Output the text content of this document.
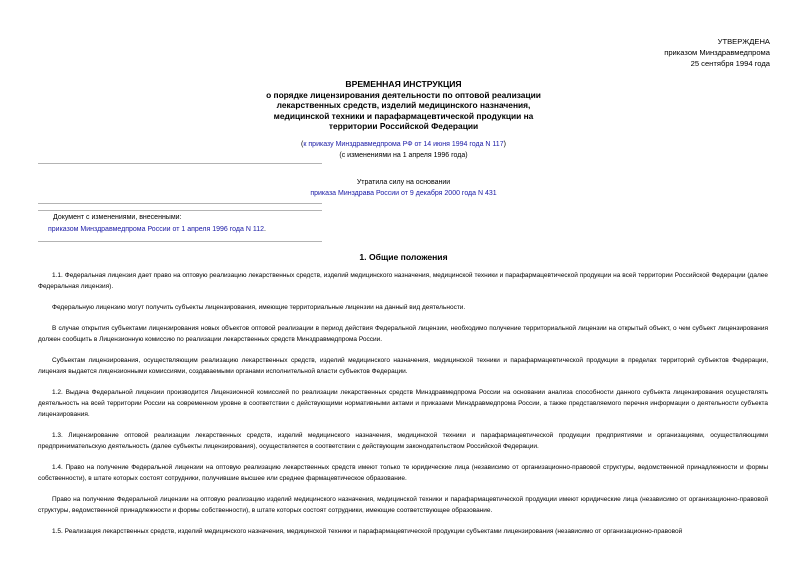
УТВЕРЖДЕНА
приказом Минздравмедпрома
25 сентября 1994 года
ВРЕМЕННАЯ ИНСТРУКЦИЯ
о порядке лицензирования деятельности по оптовой реализации
лекарственных средств, изделий медицинского назначения,
медицинской техники и парафармацевтической продукции на
территории Российской Федерации
(к приказу Минздравмедпрома РФ от 14 июня 1994 года N 117)
(с изменениями на 1 апреля 1996 года)
Утратила силу на основании
приказа Минздрава России от 9 декабря 2000 года N 431
Документ с изменениями, внесенными:
приказом Минздравмедпрома России от 1 апреля 1996 года N 112.
1. Общие положения

1.1. Федеральная лицензия дает право на оптовую реализацию лекарственных средств, изделий медицинского назначения, медицинской техники и парафармацевтической продукции на всей территории Российской Федерации (далее Федеральная лицензия).

Федеральную лицензию могут получить субъекты лицензирования, имеющие территориальные лицензии на данный вид деятельности.

В случае открытия субъектами лицензирования новых объектов оптовой реализации в период действия Федеральной лицензии, необходимо получение территориальной лицензии на открытый объект, о чем субъект лицензирования должен сообщить в Лицензионную комиссию по реализации лекарственных средств Минздравмедпрома России.

Субъектам лицензирования, осуществляющим реализацию лекарственных средств, изделий медицинского назначения, медицинской техники и парафармацевтической продукции в пределах территорий субъектов Федерации, лицензия выдается лицензионными комиссиями, создаваемыми органами исполнительной власти субъектов Федерации.

1.2. Выдача Федеральной лицензии производится Лицензионной комиссией по реализации лекарственных средств Минздравмедпрома России на основании анализа способности данного субъекта лицензирования осуществлять деятельность на всей территории России на современном уровне в соответствии с действующими нормативными актами и приказами Минздравмедпрома России, а также представляемого перечня информации о деятельности субъекта лицензирования.

1.3. Лицензирование оптовой реализации лекарственных средств, изделий медицинского назначения, медицинской техники и парафармацевтической продукции предприятиями и организациями, осуществляющими предпринимательскую деятельность (далее субъекты лицензирования), осуществляется в соответствии с действующим законодательством Российской Федерации.

1.4. Право на получение Федеральной лицензии на оптовую реализацию лекарственных средств имеют только те юридические лица (независимо от организационно-правовой структуры, ведомственной принадлежности и формы собственности), в штате которых состоят сотрудники, получившие высшее или среднее фармацевтическое образование.

Право на получение Федеральной лицензии на оптовую реализацию изделий медицинского назначения, медицинской техники и парафармацевтической продукции имеют юридические лица (независимо от организационно-правовой структуры, ведомственной принадлежности и формы собственности), в штате которых состоят сотрудники, имеющие соответствующее образование.

1.5. Реализация лекарственных средств, изделий медицинского назначения, медицинской техники и парафармацевтической продукции субъектами лицензирования (независимо от организационно-правовой
